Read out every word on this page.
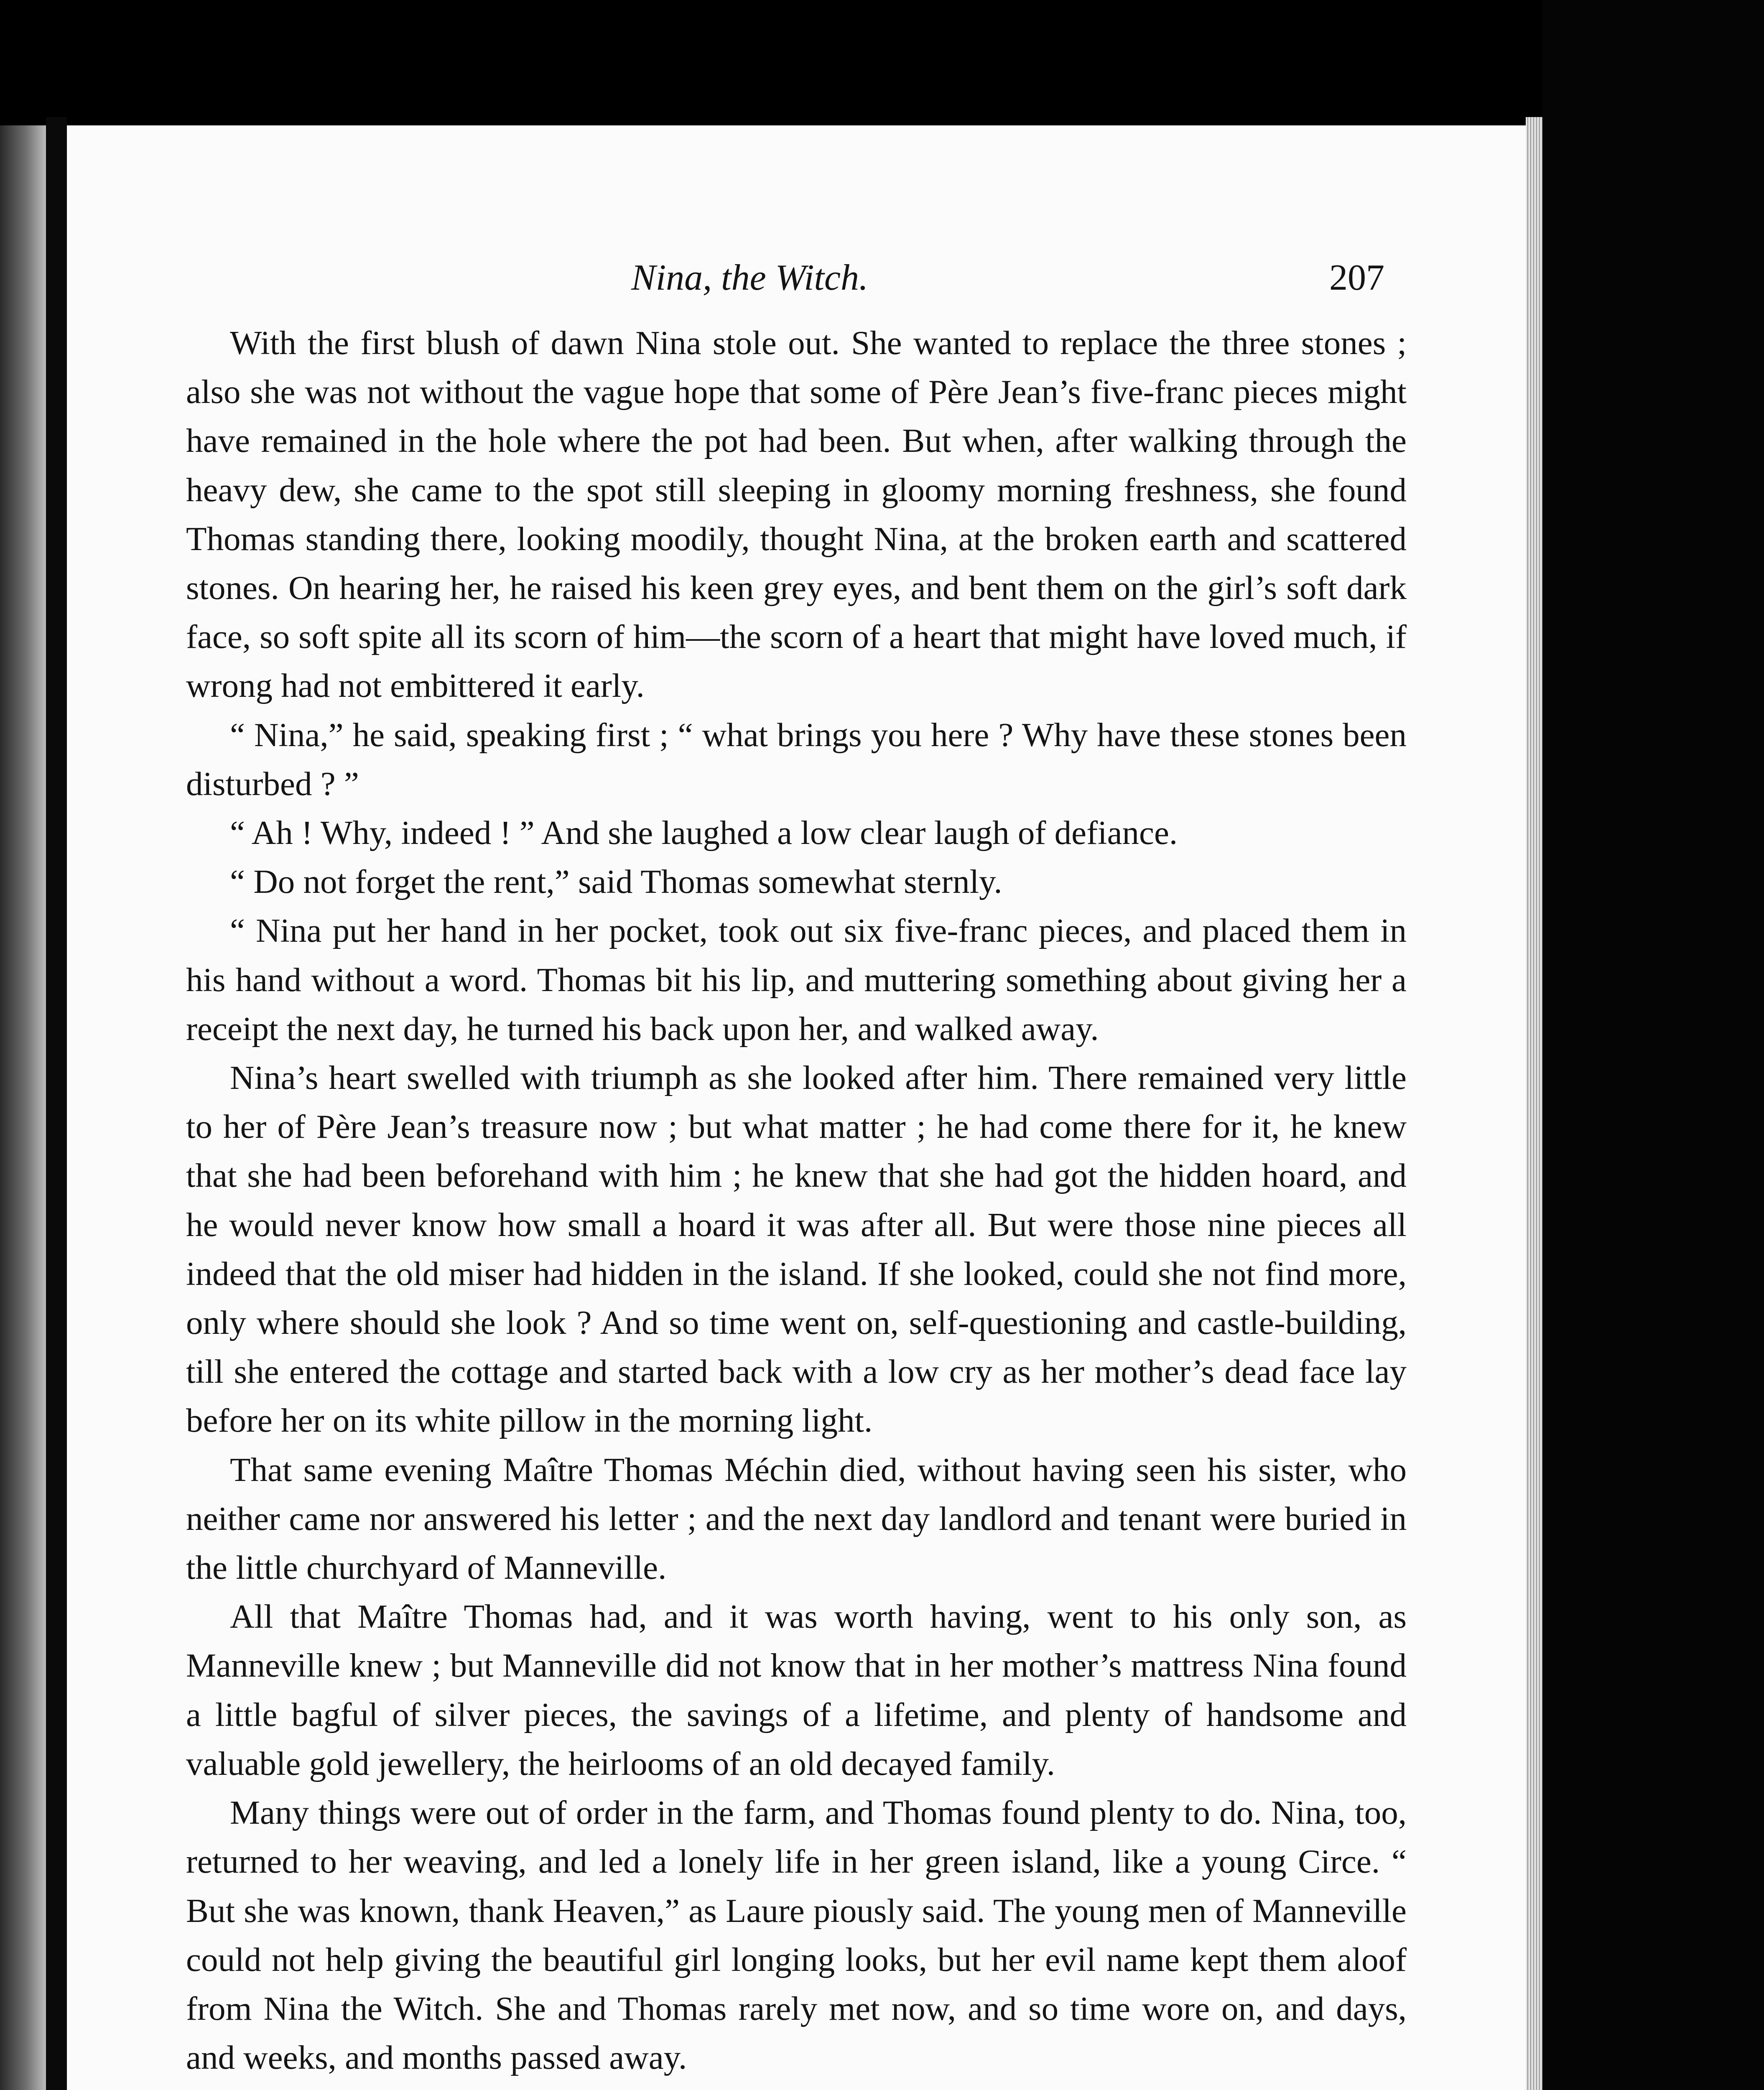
Nina, the Witch.	207

With the first blush of dawn Nina stole out. She wanted to replace the three stones ; also she was not without the vague hope that some of Père Jean’s five-franc pieces might have remained in the hole where the pot had been. But when, after walking through the heavy dew, she came to the spot still sleeping in gloomy morning freshness, she found Thomas standing there, looking moodily, thought Nina, at the broken earth and scattered stones. On hearing her, he raised his keen grey eyes, and bent them on the girl’s soft dark face, so soft spite all its scorn of him—the scorn of a heart that might have loved much, if wrong had not embittered it early.

“ Nina,” he said, speaking first ; “ what brings you here ? Why have these stones been disturbed ? ”

“ Ah ! Why, indeed ! ” And she laughed a low clear laugh of defiance.

“ Do not forget the rent,” said Thomas somewhat sternly.

“ Nina put her hand in her pocket, took out six five-franc pieces, and placed them in his hand without a word. Thomas bit his lip, and muttering something about giving her a receipt the next day, he turned his back upon her, and walked away.

Nina’s heart swelled with triumph as she looked after him. There remained very little to her of Père Jean’s treasure now ; but what matter ; he had come there for it, he knew that she had been beforehand with him ; he knew that she had got the hidden hoard, and he would never know how small a hoard it was after all. But were those nine pieces all indeed that the old miser had hidden in the island. If she looked, could she not find more, only where should she look ? And so time went on, self-questioning and castle-building, till she entered the cottage and started back with a low cry as her mother’s dead face lay before her on its white pillow in the morning light.

That same evening Maître Thomas Méchin died, without having seen his sister, who neither came nor answered his letter ; and the next day landlord and tenant were buried in the little churchyard of Manneville.

All that Maître Thomas had, and it was worth having, went to his only son, as Manneville knew ; but Manneville did not know that in her mother’s mattress Nina found a little bagful of silver pieces, the savings of a lifetime, and plenty of handsome and valuable gold jewellery, the heirlooms of an old decayed family.

Many things were out of order in the farm, and Thomas found plenty to do. Nina, too, returned to her weaving, and led a lonely life in her green island, like a young Circe. “ But she was known, thank Heaven,” as Laure piously said. The young men of Manneville could not help giving the beautiful girl longing looks, but her evil name kept them aloof from Nina the Witch. She and Thomas rarely met now, and so time wore on, and days, and weeks, and months passed away.
